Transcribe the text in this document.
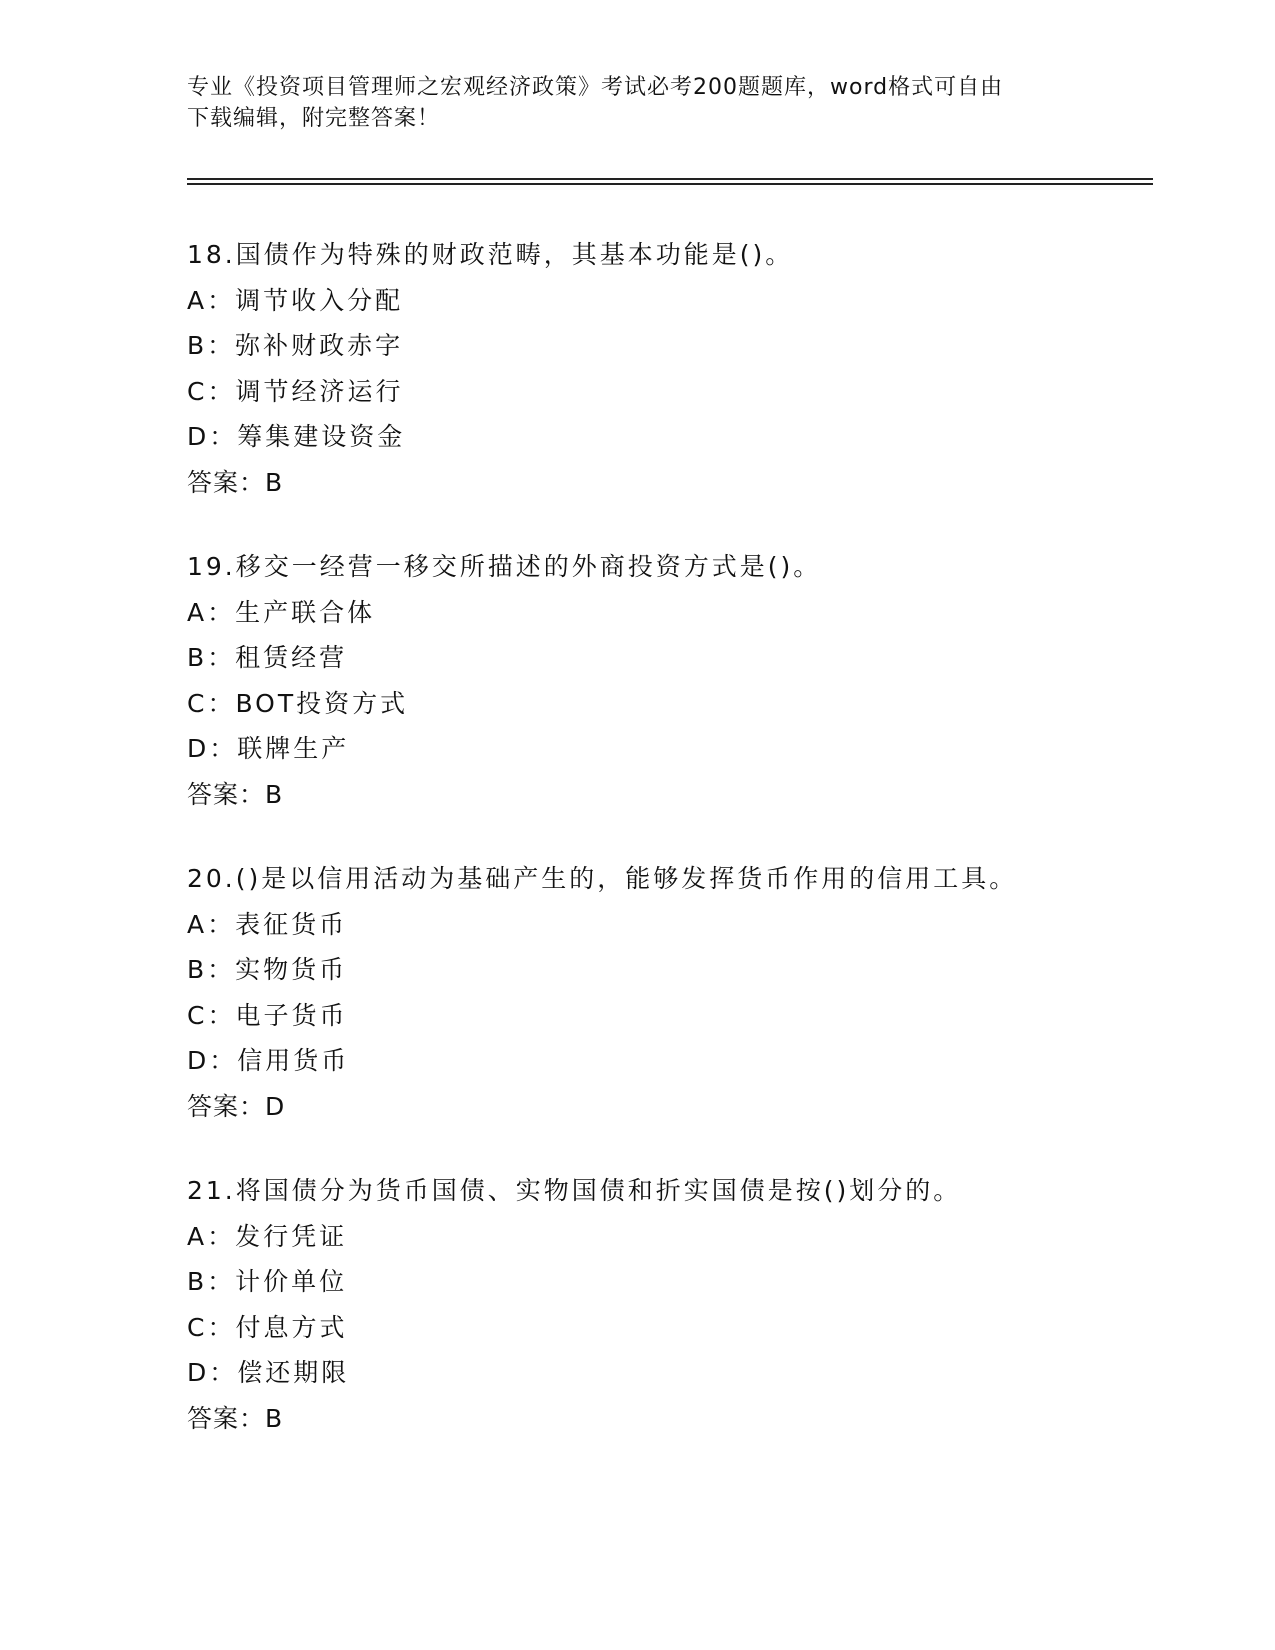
专业《投资项目管理师之宏观经济政策》考试必考200题题库，word格式可自由
下载编辑，附完整答案！
18.国债作为特殊的财政范畴，其基本功能是()。
A：调节收入分配
B：弥补财政赤字
C：调节经济运行
D：筹集建设资金
答案：B
19.移交一经营一移交所描述的外商投资方式是()。
A：生产联合体
B：租赁经营
C：BOT投资方式
D：联牌生产
答案：B
20.()是以信用活动为基础产生的，能够发挥货币作用的信用工具。
A：表征货币
B：实物货币
C：电子货币
D：信用货币
答案：D
21.将国债分为货币国债、实物国债和折实国债是按()划分的。
A：发行凭证
B：计价单位
C：付息方式
D：偿还期限
答案：B
